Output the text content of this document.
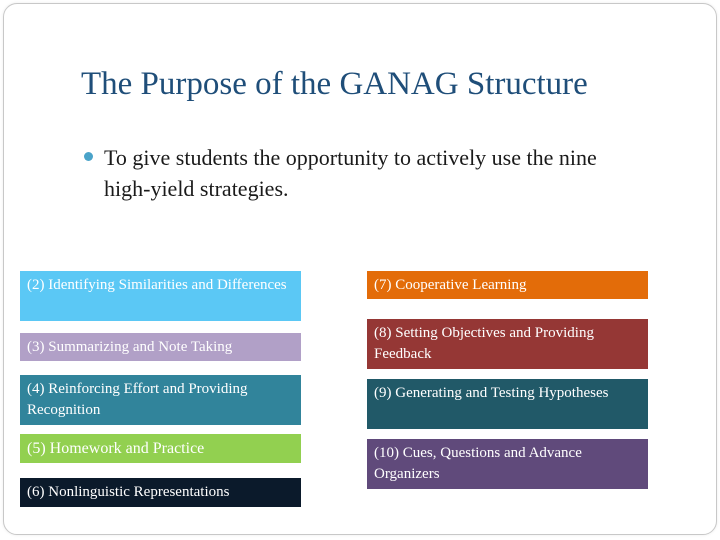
The Purpose of the GANAG Structure
To give students the opportunity to actively use the nine high-yield strategies.
(2) Identifying Similarities and Differences
(3) Summarizing and Note Taking
(4) Reinforcing Effort and Providing Recognition
(5) Homework and Practice
(6) Nonlinguistic Representations
(7) Cooperative Learning
(8) Setting Objectives and Providing Feedback
(9) Generating and Testing Hypotheses
(10) Cues, Questions and Advance Organizers
